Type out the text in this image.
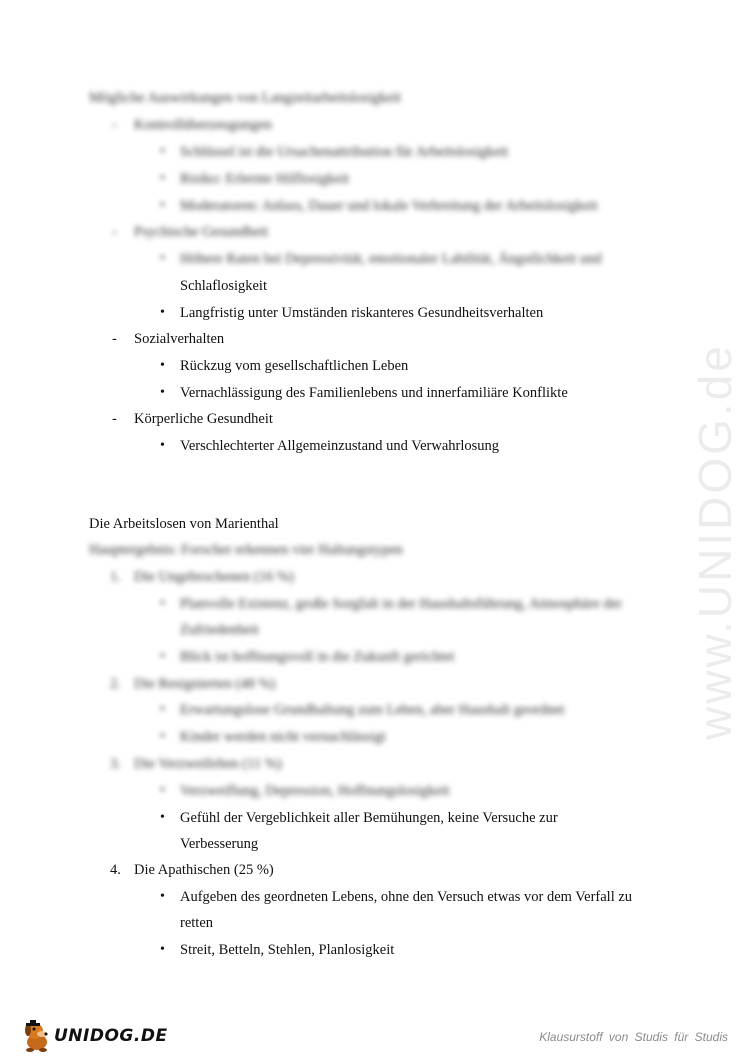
Mögliche Auswirkungen von Langzeitarbeitslosigkeit
- Kontrollüberzeugungen
• Schlüssel ist die Ursachenattribution für Arbeitslosigkeit
• Risiko: Erlernte Hilflosigkeit
• Moderatoren: Anlass, Dauer und lokale Verbreitung der Arbeitslosigkeit
- Psychische Gesundheit
• Höhere Raten bei Depressivität, emotionaler Labilität, Ängstlichkeit und
Schlaflosigkeit
• Langfristig unter Umständen riskanteres Gesundheitsverhalten
- Sozialverhalten
• Rückzug vom gesellschaftlichen Leben
• Vernachlässigung des Familienlebens und innerfamiliäre Konflikte
- Körperliche Gesundheit
• Verschlechterter Allgemeinzustand und Verwahrlosung
Die Arbeitslosen von Marienthal
Hauptergebnis: Forscher erkennen vier Haltungstypen
1. Die Ungebrochenen (16 %)
• Planvolle Existenz, große Sorgfalt in der Haushaltsführung, Atmosphäre der
Zufriedenheit
• Blick ist hoffnungsvoll in die Zukunft gerichtet
2. Die Resignierten (48 %)
• Erwartungslose Grundhaltung zum Leben, aber Haushalt geordnet
• Kinder werden nicht vernachlässigt
3. Die Verzweifelten (11 %)
• Verzweiflung, Depression, Hoffnungslosigkeit
• Gefühl der Vergeblichkeit aller Bemühungen, keine Versuche zur
Verbesserung
4. Die Apathischen (25 %)
• Aufgeben des geordneten Lebens, ohne den Versuch etwas vor dem Verfall zu
retten
• Streit, Betteln, Stehlen, Planlosigkeit
www.UNIDOG.de
UNIDOG.DE	Klausurstoff von Studis für Studis
